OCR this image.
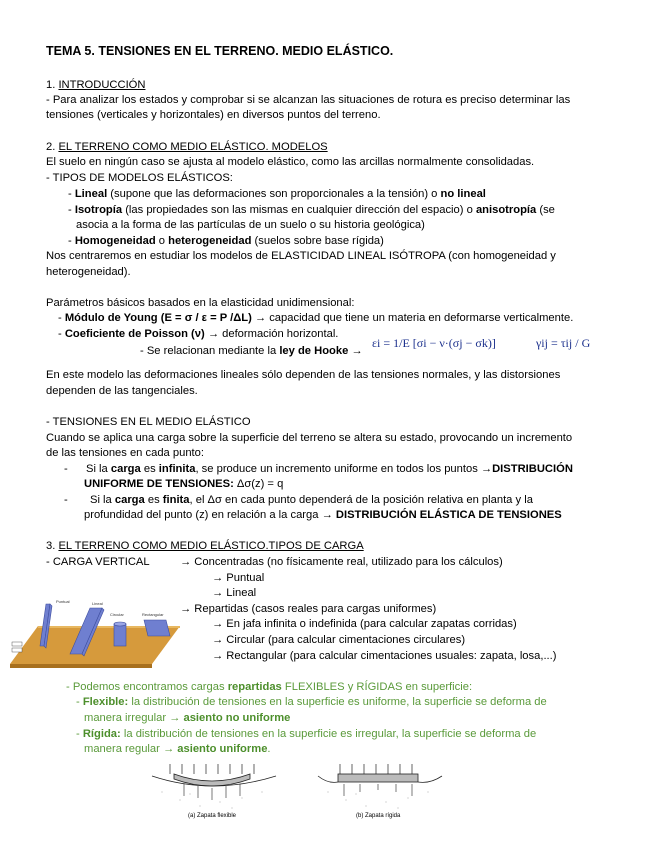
TEMA 5. TENSIONES EN EL TERRENO. MEDIO ELÁSTICO.
1. INTRODUCCIÓN
- Para analizar los estados y comprobar si se alcanzan las situaciones de rotura es preciso determinar las
tensiones (verticales y horizontales) en diversos puntos del terreno.
2. EL TERRENO COMO MEDIO ELÁSTICO. MODELOS
El suelo en ningún caso se ajusta al modelo elástico, como las arcillas normalmente consolidadas.
- TIPOS DE MODELOS ELÁSTICOS:
- Lineal (supone que las deformaciones son proporcionales a la tensión) o no lineal
- Isotropía (las propiedades son las mismas en cualquier dirección del espacio) o anisotropía (se
asocia a la forma de las partículas de un suelo o su historia geológica)
- Homogeneidad o heterogeneidad (suelos sobre base rígida)
Nos centraremos en estudiar los modelos de ELASTICIDAD LINEAL ISÓTROPA (con homogeneidad y
heterogeneidad).
Parámetros básicos basados en la elasticidad unidimensional:
- Módulo de Young (E = σ / ε = P /ΔL) → capacidad que tiene un materia en deformarse verticalmente.
- Coeficiente de Poisson (ν) → deformación horizontal.
- Se relacionan mediante la ley de Hooke →
εi = 1/E [σi − ν·(σj − σk)]	γij = τij / G
En este modelo las deformaciones lineales sólo dependen de las tensiones normales, y las distorsiones
dependen de las tangenciales.
- TENSIONES EN EL MEDIO ELÁSTICO
Cuando se aplica una carga sobre la superficie del terreno se altera su estado, provocando un incremento
de las tensiones en cada punto:
- Si la carga es infinita, se produce un incremento uniforme en todos los puntos →DISTRIBUCIÓN
UNIFORME DE TENSIONES: Δσ(z) = q
- Si la carga es finita, el Δσ en cada punto dependerá de la posición relativa en planta y la
profundidad del punto (z) en relación a la carga → DISTRIBUCIÓN ELÁSTICA DE TENSIONES
3. EL TERRENO COMO MEDIO ELÁSTICO.TIPOS DE CARGA
- CARGA VERTICAL	→ Concentradas (no físicamente real, utilizado para los cálculos)
→ Puntual
→ Lineal
→ Repartidas (casos reales para cargas uniformes)
→ En jafa infinita o indefinida (para calcular zapatas corridas)
→ Circular (para calcular cimentaciones circulares)
→ Rectangular (para calcular cimentaciones usuales: zapata, losa,...)
Puntual	Lineal
Circular	Rectangular
- Podemos encontramos cargas repartidas FLEXIBLES y RÍGIDAS en superficie:
- Flexible: la distribución de tensiones en la superficie es uniforme, la superficie se deforma de
manera irregular → asiento no uniforme
- Rígida: la distribución de tensiones en la superficie es irregular, la superficie se deforma de
manera regular → asiento uniforme.
(a) Zapata flexible	(b) Zapata rígida
